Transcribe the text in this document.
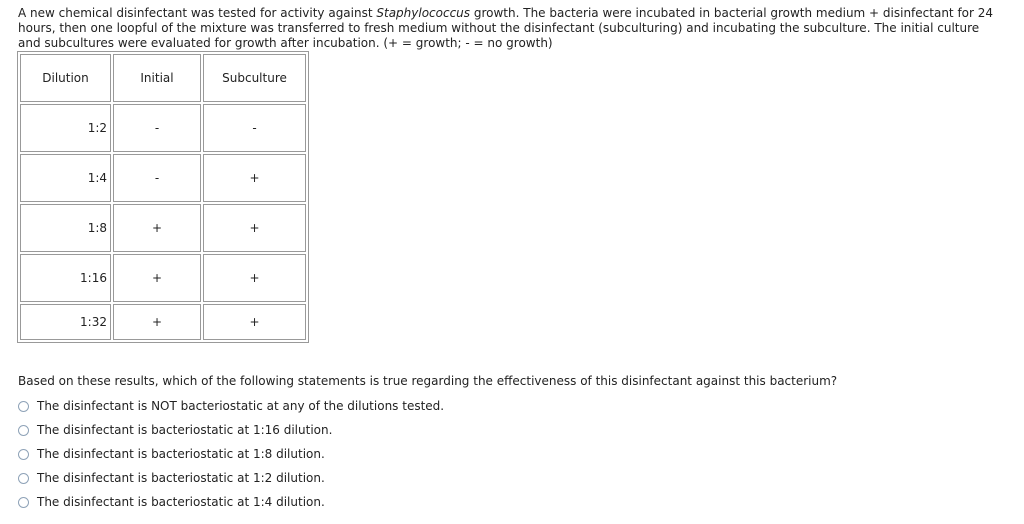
A new chemical disinfectant was tested for activity against Staphylococcus growth. The bacteria were incubated in bacterial growth medium + disinfectant for 24 hours, then one loopful of the mixture was transferred to fresh medium without the disinfectant (subculturing) and incubating the subculture. The initial culture and subcultures were evaluated for growth after incubation. (+ = growth; - = no growth)
Dilution	Initial	Subculture
1:2	-	-
1:4	-	+
1:8	+	+
1:16	+	+
1:32	+	+
Based on these results, which of the following statements is true regarding the effectiveness of this disinfectant against this bacterium?
The disinfectant is NOT bacteriostatic at any of the dilutions tested.
The disinfectant is bacteriostatic at 1:16 dilution.
The disinfectant is bacteriostatic at 1:8 dilution.
The disinfectant is bacteriostatic at 1:2 dilution.
The disinfectant is bacteriostatic at 1:4 dilution.
